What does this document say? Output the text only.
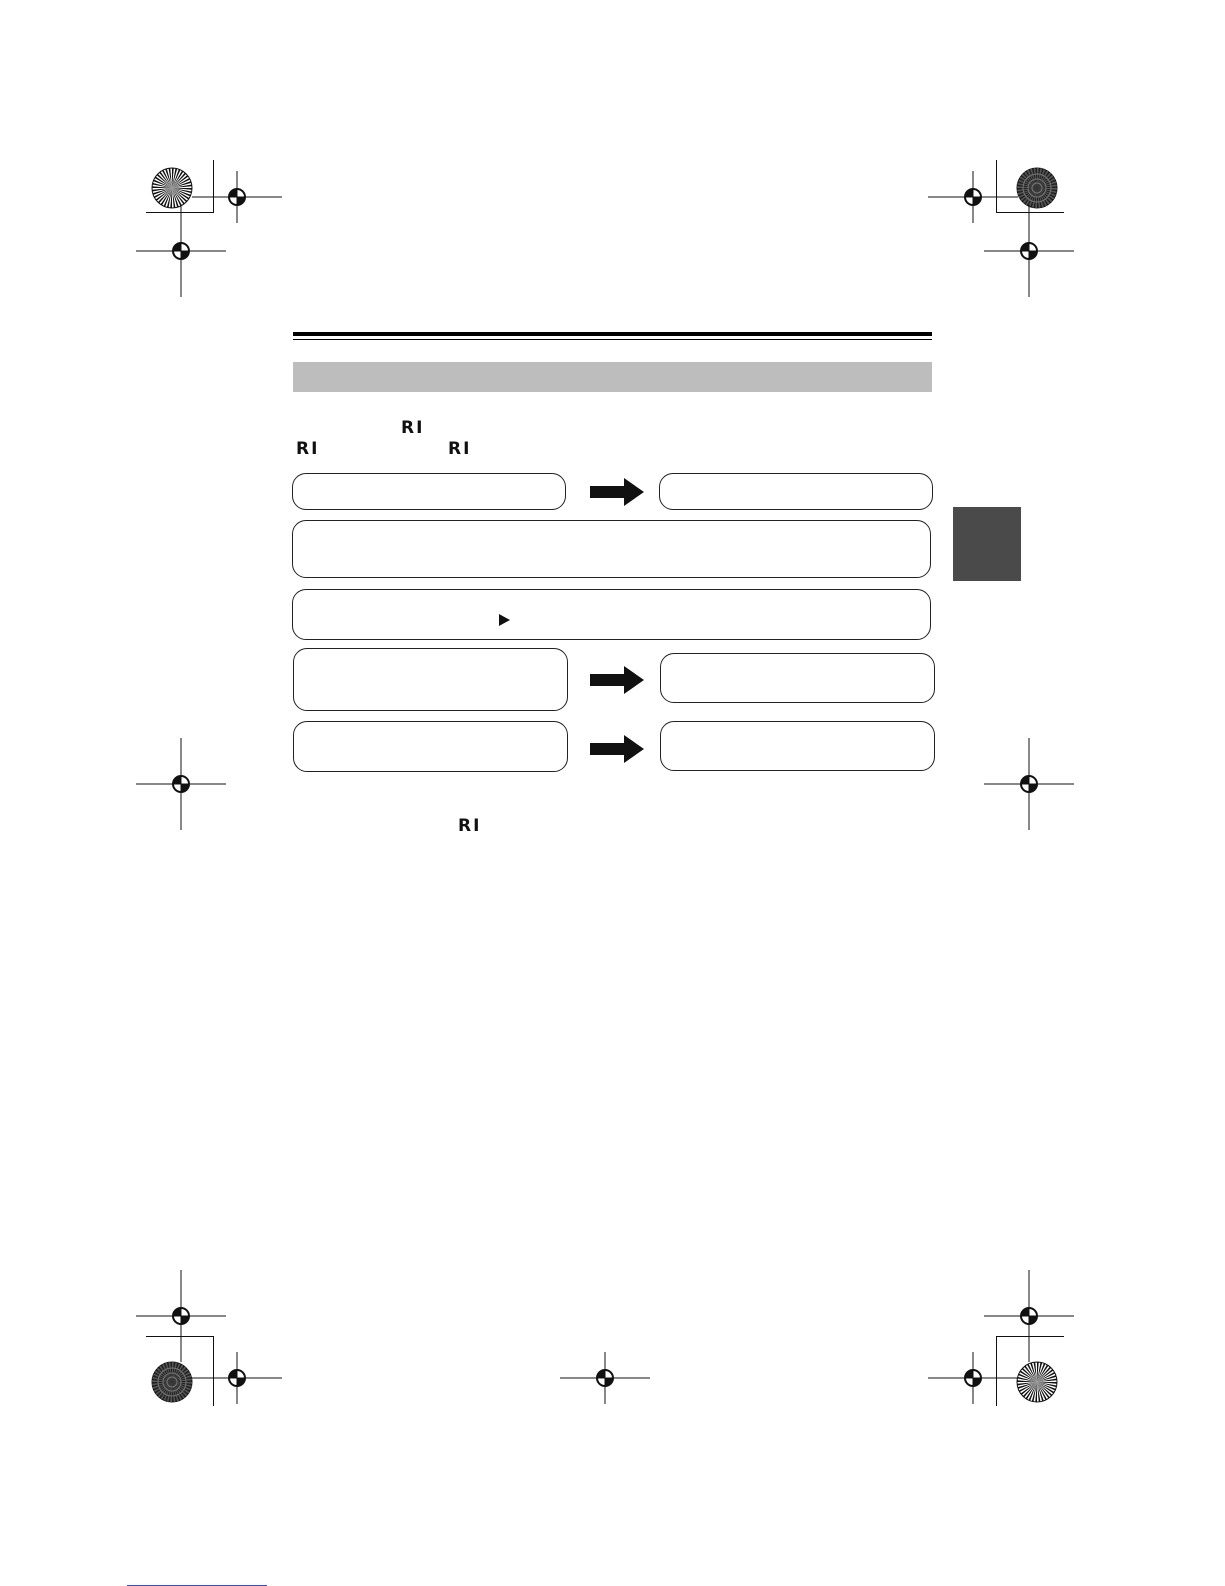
RI
RI	RI
RI
